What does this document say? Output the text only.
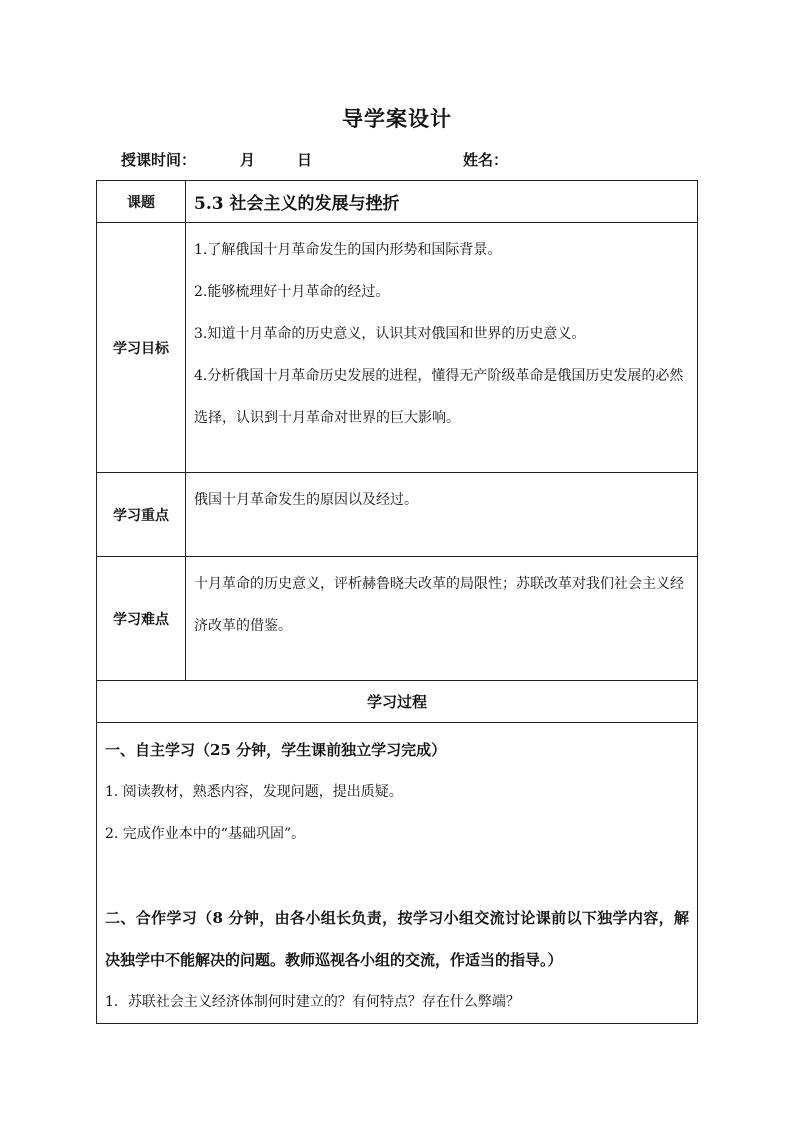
导学案设计
授课时间：	月	日	姓名：
课题	5.3 社会主义的发展与挫折
学习目标	1.了解俄国十月革命发生的国内形势和国际背景。
2.能够梳理好十月革命的经过。
3.知道十月革命的历史意义，认识其对俄国和世界的历史意义。
4.分析俄国十月革命历史发展的进程，懂得无产阶级革命是俄国历史发展的必然选择，认识到十月革命对世界的巨大影响。

学习重点	俄国十月革命发生的原因以及经过。

学习难点	十月革命的历史意义，评析赫鲁晓夫改革的局限性；苏联改革对我们社会主义经济改革的借鉴。

学习过程	

一、自主学习（25 分钟，学生课前独立学习完成）
1. 阅读教材，熟悉内容，发现问题，提出质疑。
2. 完成作业本中的“基础巩固”。
二、合作学习（8 分钟，由各小组长负责，按学习小组交流讨论课前以下独学内容，解决独学中不能解决的问题。教师巡视各小组的交流，作适当的指导。）
1．苏联社会主义经济体制何时建立的？有何特点？存在什么弊端？	
